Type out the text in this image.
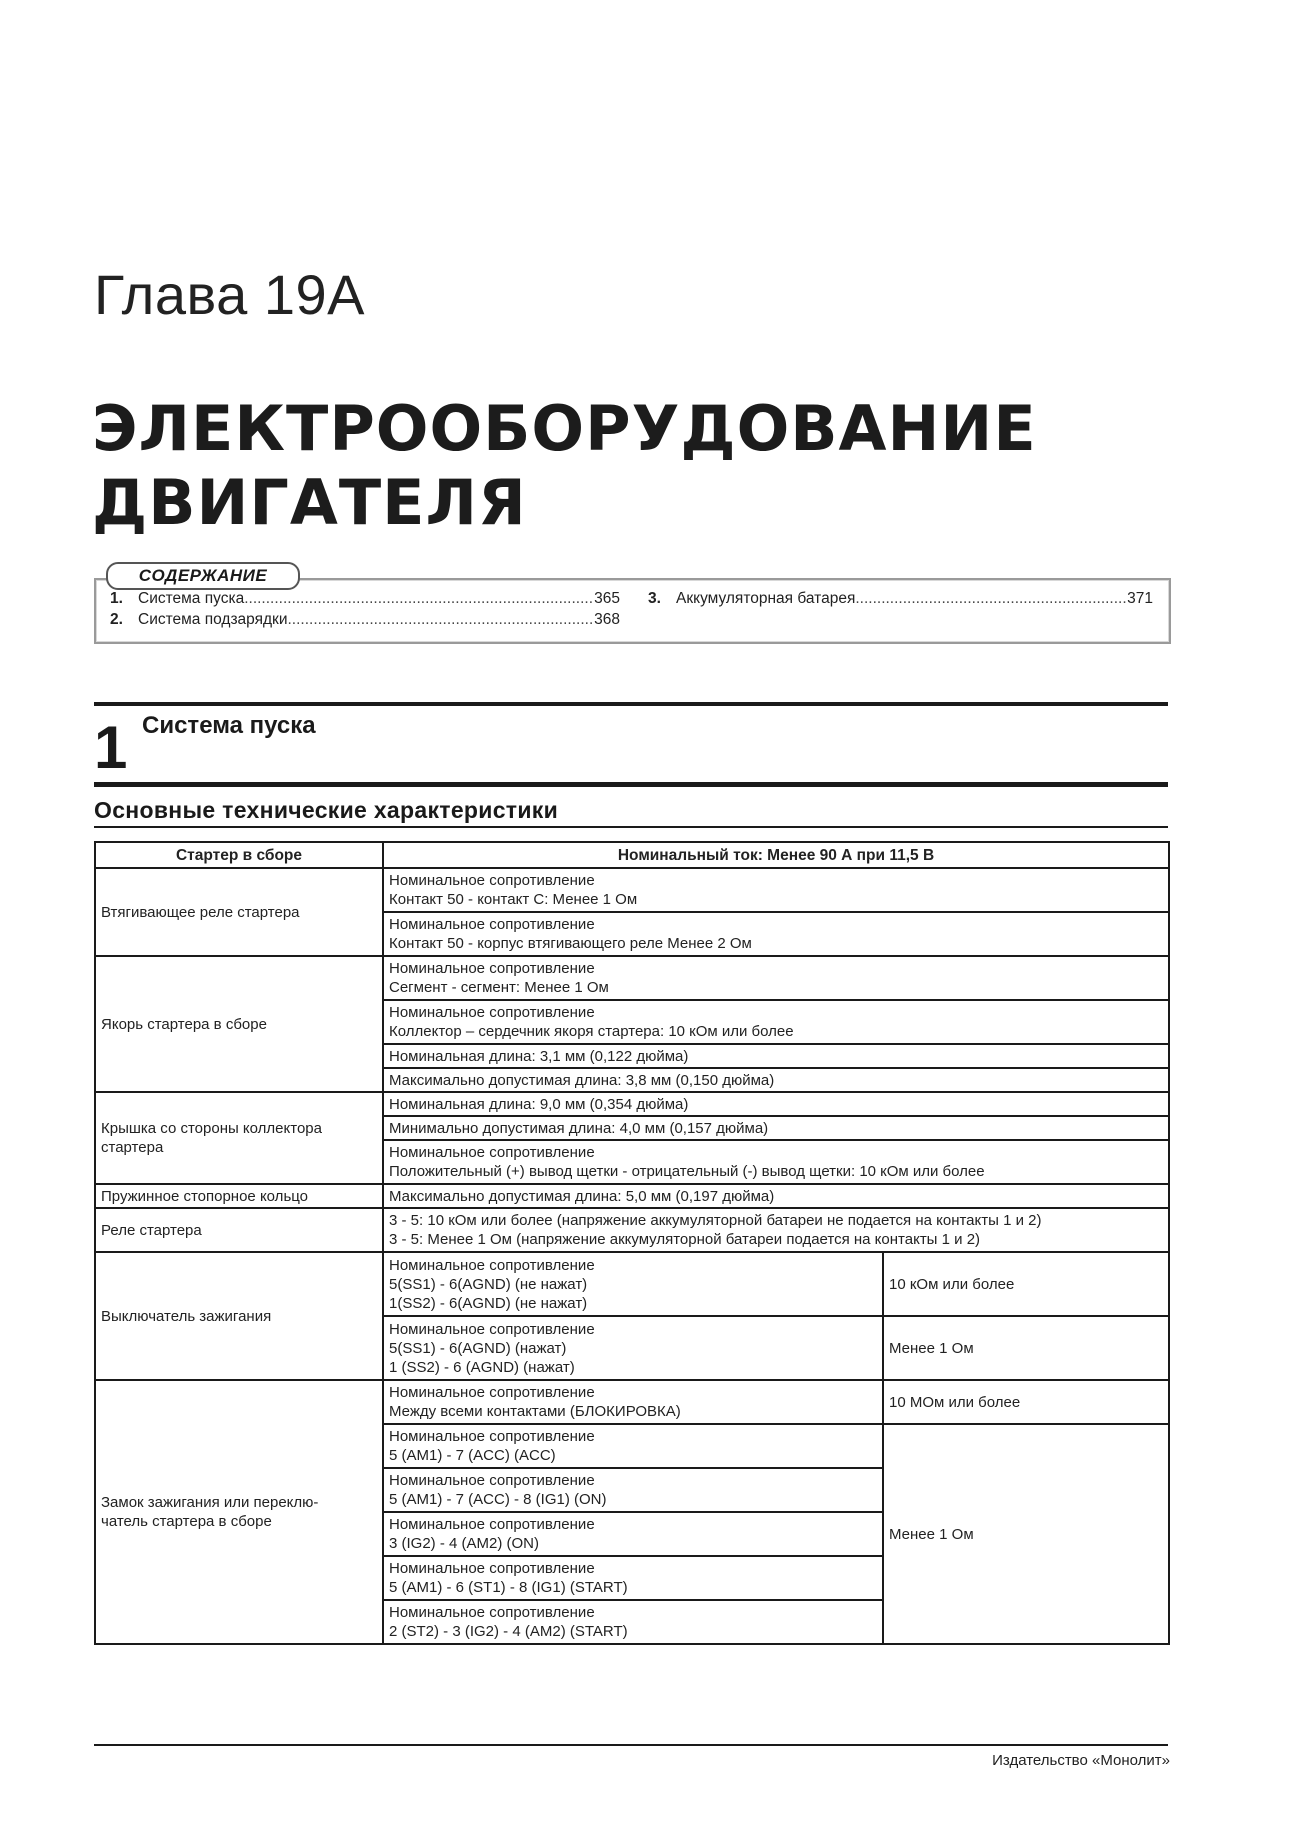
Глава 19А
ЭЛЕКТРООБОРУДОВАНИЕ
ДВИГАТЕЛЯ
СОДЕРЖАНИЕ
1. Система пуска .....	365
2. Система подзарядки .....	368
3. Аккумуляторная батарея .....	371
1 Система пуска
Основные технические характеристики
Стартер в сборе	Номинальный ток: Менее 90 А при 11,5 В	
Втягивающее реле стартера	Номинальное сопротивление
Контакт 50 - контакт С: Менее 1 Ом	

	Номинальное сопротивление
Контакт 50 - корпус втягивающего реле Менее 2 Ом	

Якорь стартера в сборе	Номинальное сопротивление
Сегмент - сегмент: Менее 1 Ом	

	Номинальное сопротивление
Коллектор – сердечник якоря стартера: 10 кОм или более	

	Номинальная длина: 3,1 мм (0,122 дюйма)	
	Максимально допустимая длина: 3,8 мм (0,150 дюйма)	

Крышка со стороны коллектора
стартера	Номинальная длина: 9,0 мм (0,354 дюйма)	
	Минимально допустимая длина: 4,0 мм (0,157 дюйма)	

	Номинальное сопротивление
Положительный (+) вывод щетки - отрицательный (-) вывод щетки: 10 кОм или более	

Пружинное стопорное кольцо	Максимально допустимая длина: 5,0 мм (0,197 дюйма)	
Реле стартера	3 - 5: 10 кОм или более (напряжение аккумуляторной батареи не подается на контакты 1 и 2)
3 - 5: Менее 1 Ом (напряжение аккумуляторной батареи подается на контакты 1 и 2)	

Выключатель зажигания	Номинальное сопротивление
5(SS1) - 6(AGND) (не нажат)
1(SS2) - 6(AGND) (не нажат)	10 кОм или более

	Номинальное сопротивление
5(SS1) - 6(AGND) (нажат)
1 (SS2) - 6 (AGND) (нажат)	Менее 1 Ом

Замок зажигания или переклю-
чатель стартера в сборе	Номинальное сопротивление
Между всеми контактами (БЛОКИРОВКА)	10 МОм или более

	Номинальное сопротивление
5 (AM1) - 7 (ACC) (ACC)	Менее 1 Ом

	Номинальное сопротивление
5 (AM1) - 7 (ACC) - 8 (IG1) (ON)	

	Номинальное сопротивление
3 (IG2) - 4 (AM2) (ON)	

	Номинальное сопротивление
5 (AM1) - 6 (ST1) - 8 (IG1) (START)	

	Номинальное сопротивление
2 (ST2) - 3 (IG2) - 4 (AM2) (START)	
Издательство «Монолит»
